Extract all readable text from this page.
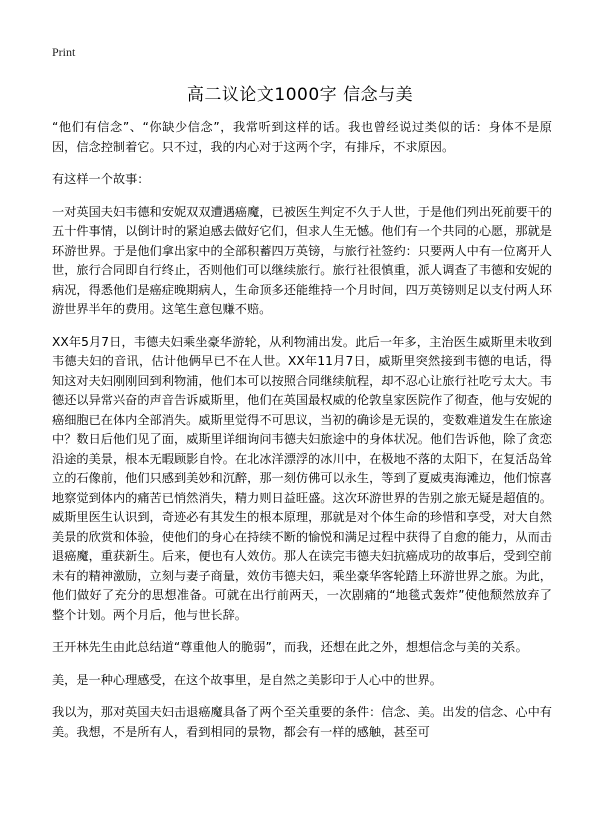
Print
高二议论文1000字 信念与美

“他们有信念”、“你缺少信念”，我常听到这样的话。我也曾经说过类似的话：身体不是原因，信念控制着它。只不过，我的内心对于这两个字，有排斥，不求原因。

有这样一个故事：

一对英国夫妇韦德和安妮双双遭遇癌魔，已被医生判定不久于人世，于是他们列出死前要干的五十件事情，以倒计时的紧迫感去做好它们，但求人生无憾。他们有一个共同的心愿，那就是环游世界。于是他们拿出家中的全部积蓄四万英镑，与旅行社签约：只要两人中有一位离开人世，旅行合同即自行终止，否则他们可以继续旅行。旅行社很慎重，派人调查了韦德和安妮的病况，得悉他们是癌症晚期病人，生命顶多还能维持一个月时间，四万英镑则足以支付两人环游世界半年的费用。这笔生意包赚不赔。

XX年5月7日，韦德夫妇乘坐豪华游轮，从利物浦出发。此后一年多，主治医生威斯里未收到韦德夫妇的音讯，估计他俩早已不在人世。XX年11月7日，威斯里突然接到韦德的电话，得知这对夫妇刚刚回到利物浦，他们本可以按照合同继续航程，却不忍心让旅行社吃亏太大。韦德还以异常兴奋的声音告诉威斯里，他们在英国最权威的伦敦皇家医院作了彻查，他与安妮的癌细胞已在体内全部消失。威斯里觉得不可思议，当初的确诊是无误的，变数难道发生在旅途中？数日后他们见了面，威斯里详细询问韦德夫妇旅途中的身体状况。他们告诉他，除了贪恋沿途的美景，根本无暇顾影自怜。在北冰洋漂浮的冰川中，在极地不落的太阳下，在复活岛耸立的石像前，他们只感到美妙和沉醉，那一刻仿佛可以永生，等到了夏威夷海滩边，他们惊喜地察觉到体内的痛苦已悄然消失，精力则日益旺盛。这次环游世界的告别之旅无疑是超值的。威斯里医生认识到，奇迹必有其发生的根本原理，那就是对个体生命的珍惜和享受，对大自然美景的欣赏和体验，使他们的身心在持续不断的愉悦和满足过程中获得了自愈的能力，从而击退癌魔，重获新生。后来，便也有人效仿。那人在读完韦德夫妇抗癌成功的故事后，受到空前未有的精神激励，立刻与妻子商量，效仿韦德夫妇，乘坐豪华客轮踏上环游世界之旅。为此，他们做好了充分的思想准备。可就在出行前两天，一次剧痛的“地毯式轰炸”使他颓然放弃了整个计划。两个月后，他与世长辞。

王开林先生由此总结道“尊重他人的脆弱”，而我，还想在此之外，想想信念与美的关系。

美，是一种心理感受，在这个故事里，是自然之美影印于人心中的世界。

我以为，那对英国夫妇击退癌魔具备了两个至关重要的条件：信念、美。出发的信念、心中有美。我想，不是所有人，看到相同的景物，都会有一样的感触，甚至可
